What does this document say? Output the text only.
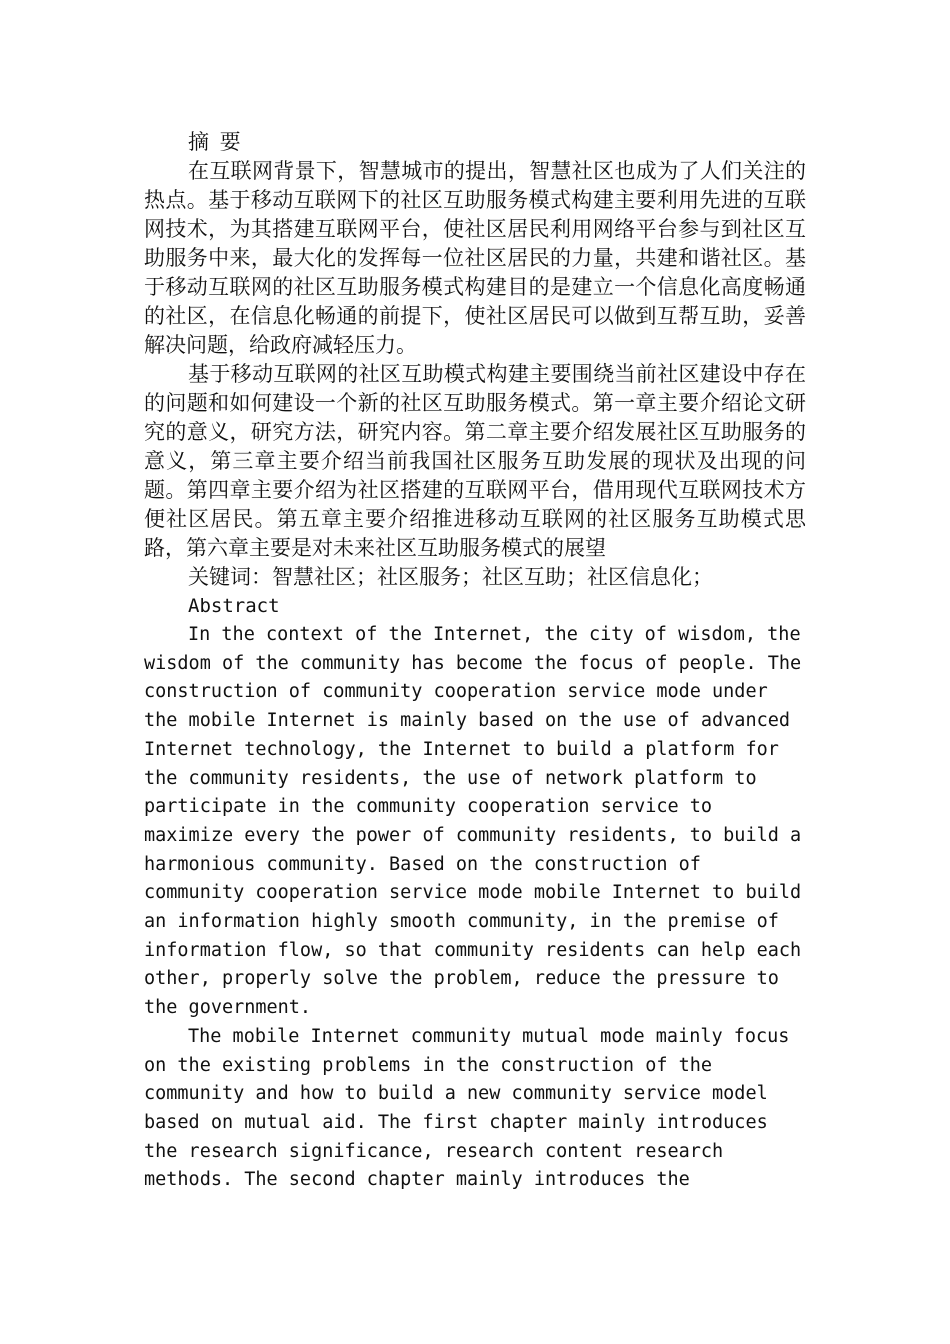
摘 要

在互联网背景下，智慧城市的提出，智慧社区也成为了人们关注的热点。基于移动互联网下的社区互助服务模式构建主要利用先进的互联网技术，为其搭建互联网平台，使社区居民利用网络平台参与到社区互助服务中来，最大化的发挥每一位社区居民的力量，共建和谐社区。基于移动互联网的社区互助服务模式构建目的是建立一个信息化高度畅通的社区，在信息化畅通的前提下，使社区居民可以做到互帮互助，妥善解决问题，给政府减轻压力。

基于移动互联网的社区互助模式构建主要围绕当前社区建设中存在的问题和如何建设一个新的社区互助服务模式。第一章主要介绍论文研究的意义，研究方法，研究内容。第二章主要介绍发展社区互助服务的意义，第三章主要介绍当前我国社区服务互助发展的现状及出现的问题。第四章主要介绍为社区搭建的互联网平台，借用现代互联网技术方便社区居民。第五章主要介绍推进移动互联网的社区服务互助模式思路，第六章主要是对未来社区互助服务模式的展望

关键词：智慧社区；社区服务；社区互助；社区信息化；

Abstract

In the context of the Internet, the city of wisdom, the wisdom of the community has become the focus of people. The construction of community cooperation service mode under the mobile Internet is mainly based on the use of advanced Internet technology, the Internet to build a platform for the community residents, the use of network platform to participate in the community cooperation service to maximize every the power of community residents, to build a harmonious community. Based on the construction of community cooperation service mode mobile Internet to build an information highly smooth community, in the premise of information flow, so that community residents can help each other, properly solve the problem, reduce the pressure to the government.

The mobile Internet community mutual mode mainly focus on the existing problems in the construction of the community and how to build a new community service model based on mutual aid. The first chapter mainly introduces the research significance, research content research methods. The second chapter mainly introduces the
